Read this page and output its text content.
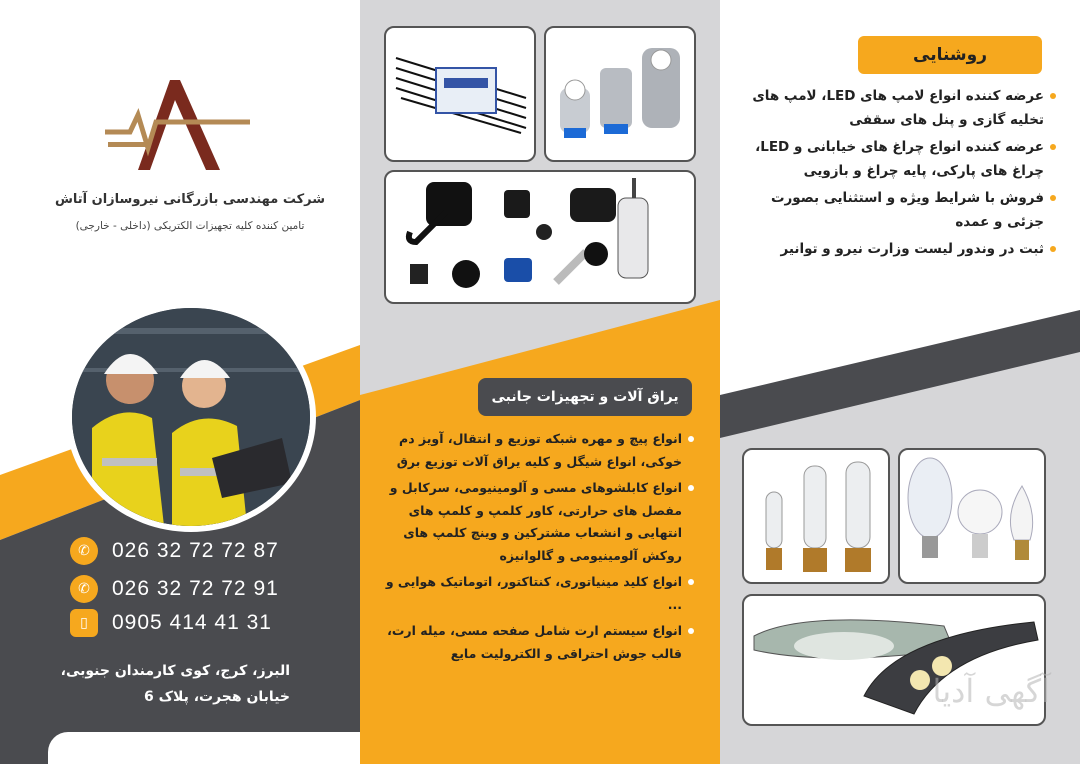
شرکت مهندسی بازرگانی نیروسازان آتاش
تامین کننده کلیه تجهیزات الکتریکی (داخلی - خارجی)
✆	026 32 72 72 87
✆	026 32 72 72 91
▯	0905 414 41 31
البرز، کرج، کوی کارمندان جنوبی،
خیابان هجرت، پلاک 6
یراق آلات و تجهیزات جانبی
انواع پیچ و مهره شبکه توزیع و انتقال، آویز دم خوکی، انواع شیگل و کلیه یراق آلات توزیع برق
انواع کابلشوهای مسی و آلومینیومی، سرکابل و مفصل های حرارتی، کاور کلمپ و کلمپ های انتهایی و انشعاب مشترکین و وینچ کلمپ های روکش آلومینیومی و گالوانیزه
انواع کلید مینیاتوری، کنتاکتور، اتوماتیک هوایی و ...
انواع سیستم ارت شامل صفحه مسی، میله ارت، قالب جوش احتراقی و الکترولیت مایع
روشنایی
عرضه کننده انواع لامپ های LED، لامپ های تخلیه گازی و پنل های سقفی
عرضه کننده انواع چراغ های خیابانی و LED، چراغ های پارکی، پایه چراغ و بازویی
فروش با شرایط ویژه و استثنایی بصورت جزئی و عمده
ثبت در وندور لیست وزارت نیرو و توانیر
آگهی آدیا
